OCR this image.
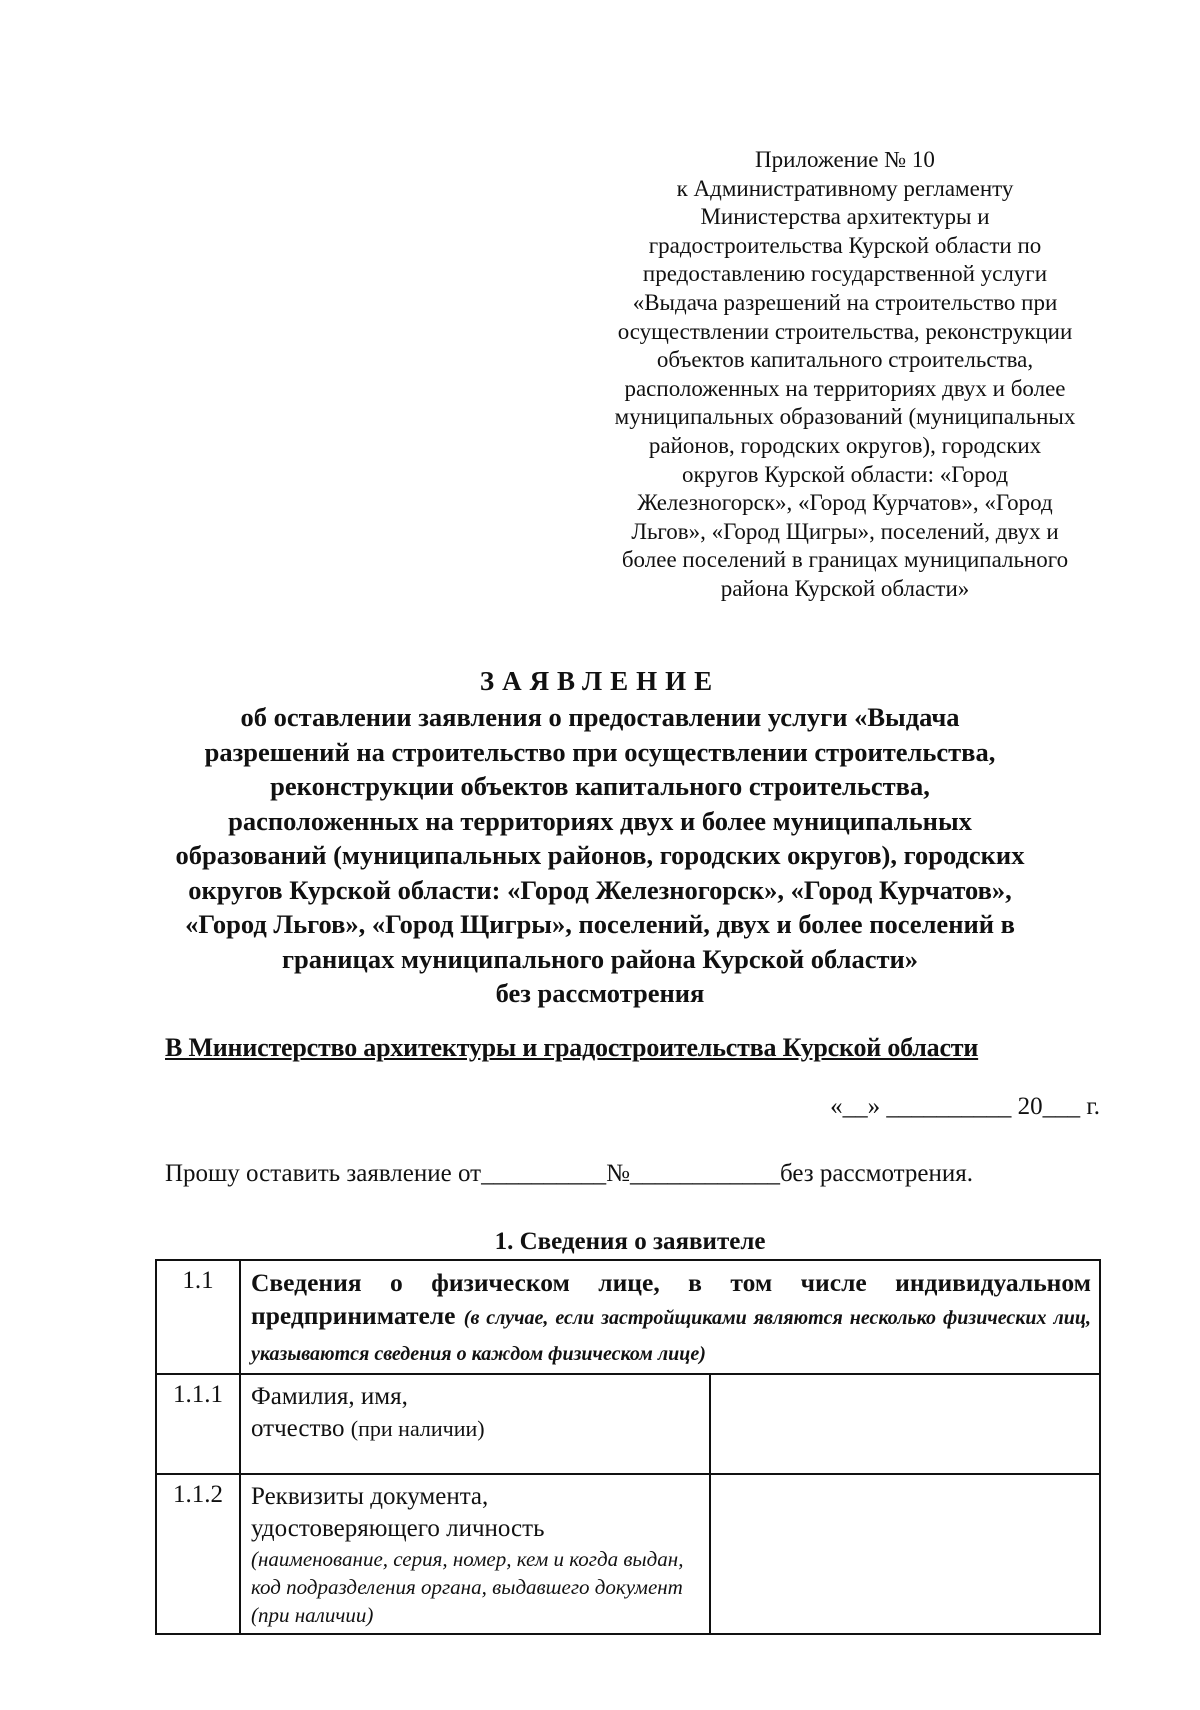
Приложение № 10
к Административному регламенту
Министерства архитектуры и
градостроительства Курской области по
предоставлению государственной услуги
«Выдача разрешений на строительство при
осуществлении строительства, реконструкции
объектов капитального строительства,
расположенных на территориях двух и более
муниципальных образований (муниципальных
районов, городских округов), городских
округов Курской области: «Город
Железногорск», «Город Курчатов», «Город
Льгов», «Город Щигры», поселений, двух и
более поселений в границах муниципального
района Курской области»
ЗАЯВЛЕНИЕ
об оставлении заявления о предоставлении услуги «Выдача
разрешений на строительство при осуществлении строительства,
реконструкции объектов капитального строительства,
расположенных на территориях двух и более муниципальных
образований (муниципальных районов, городских округов), городских
округов Курской области: «Город Железногорск», «Город Курчатов»,
«Город Льгов», «Город Щигры», поселений, двух и более поселений в
границах муниципального района Курской области»
без рассмотрения
В Министерство архитектуры и градостроительства Курской области
«__» __________ 20___ г.
Прошу оставить заявление от__________№____________без рассмотрения.
1. Сведения о заявителе
1.1	Сведения о физическом лице, в том числе индивидуальном предпринимателе (в случае, если застройщиками являются несколько физических лиц, указываются сведения о каждом физическом лице)	

1.1.1	Фамилия, имя,
отчество (при наличии)	

1.1.2	Реквизиты документа,
удостоверяющего личность
(наименование, серия, номер, кем и когда выдан, код подразделения органа, выдавшего документ (при наличии)	
